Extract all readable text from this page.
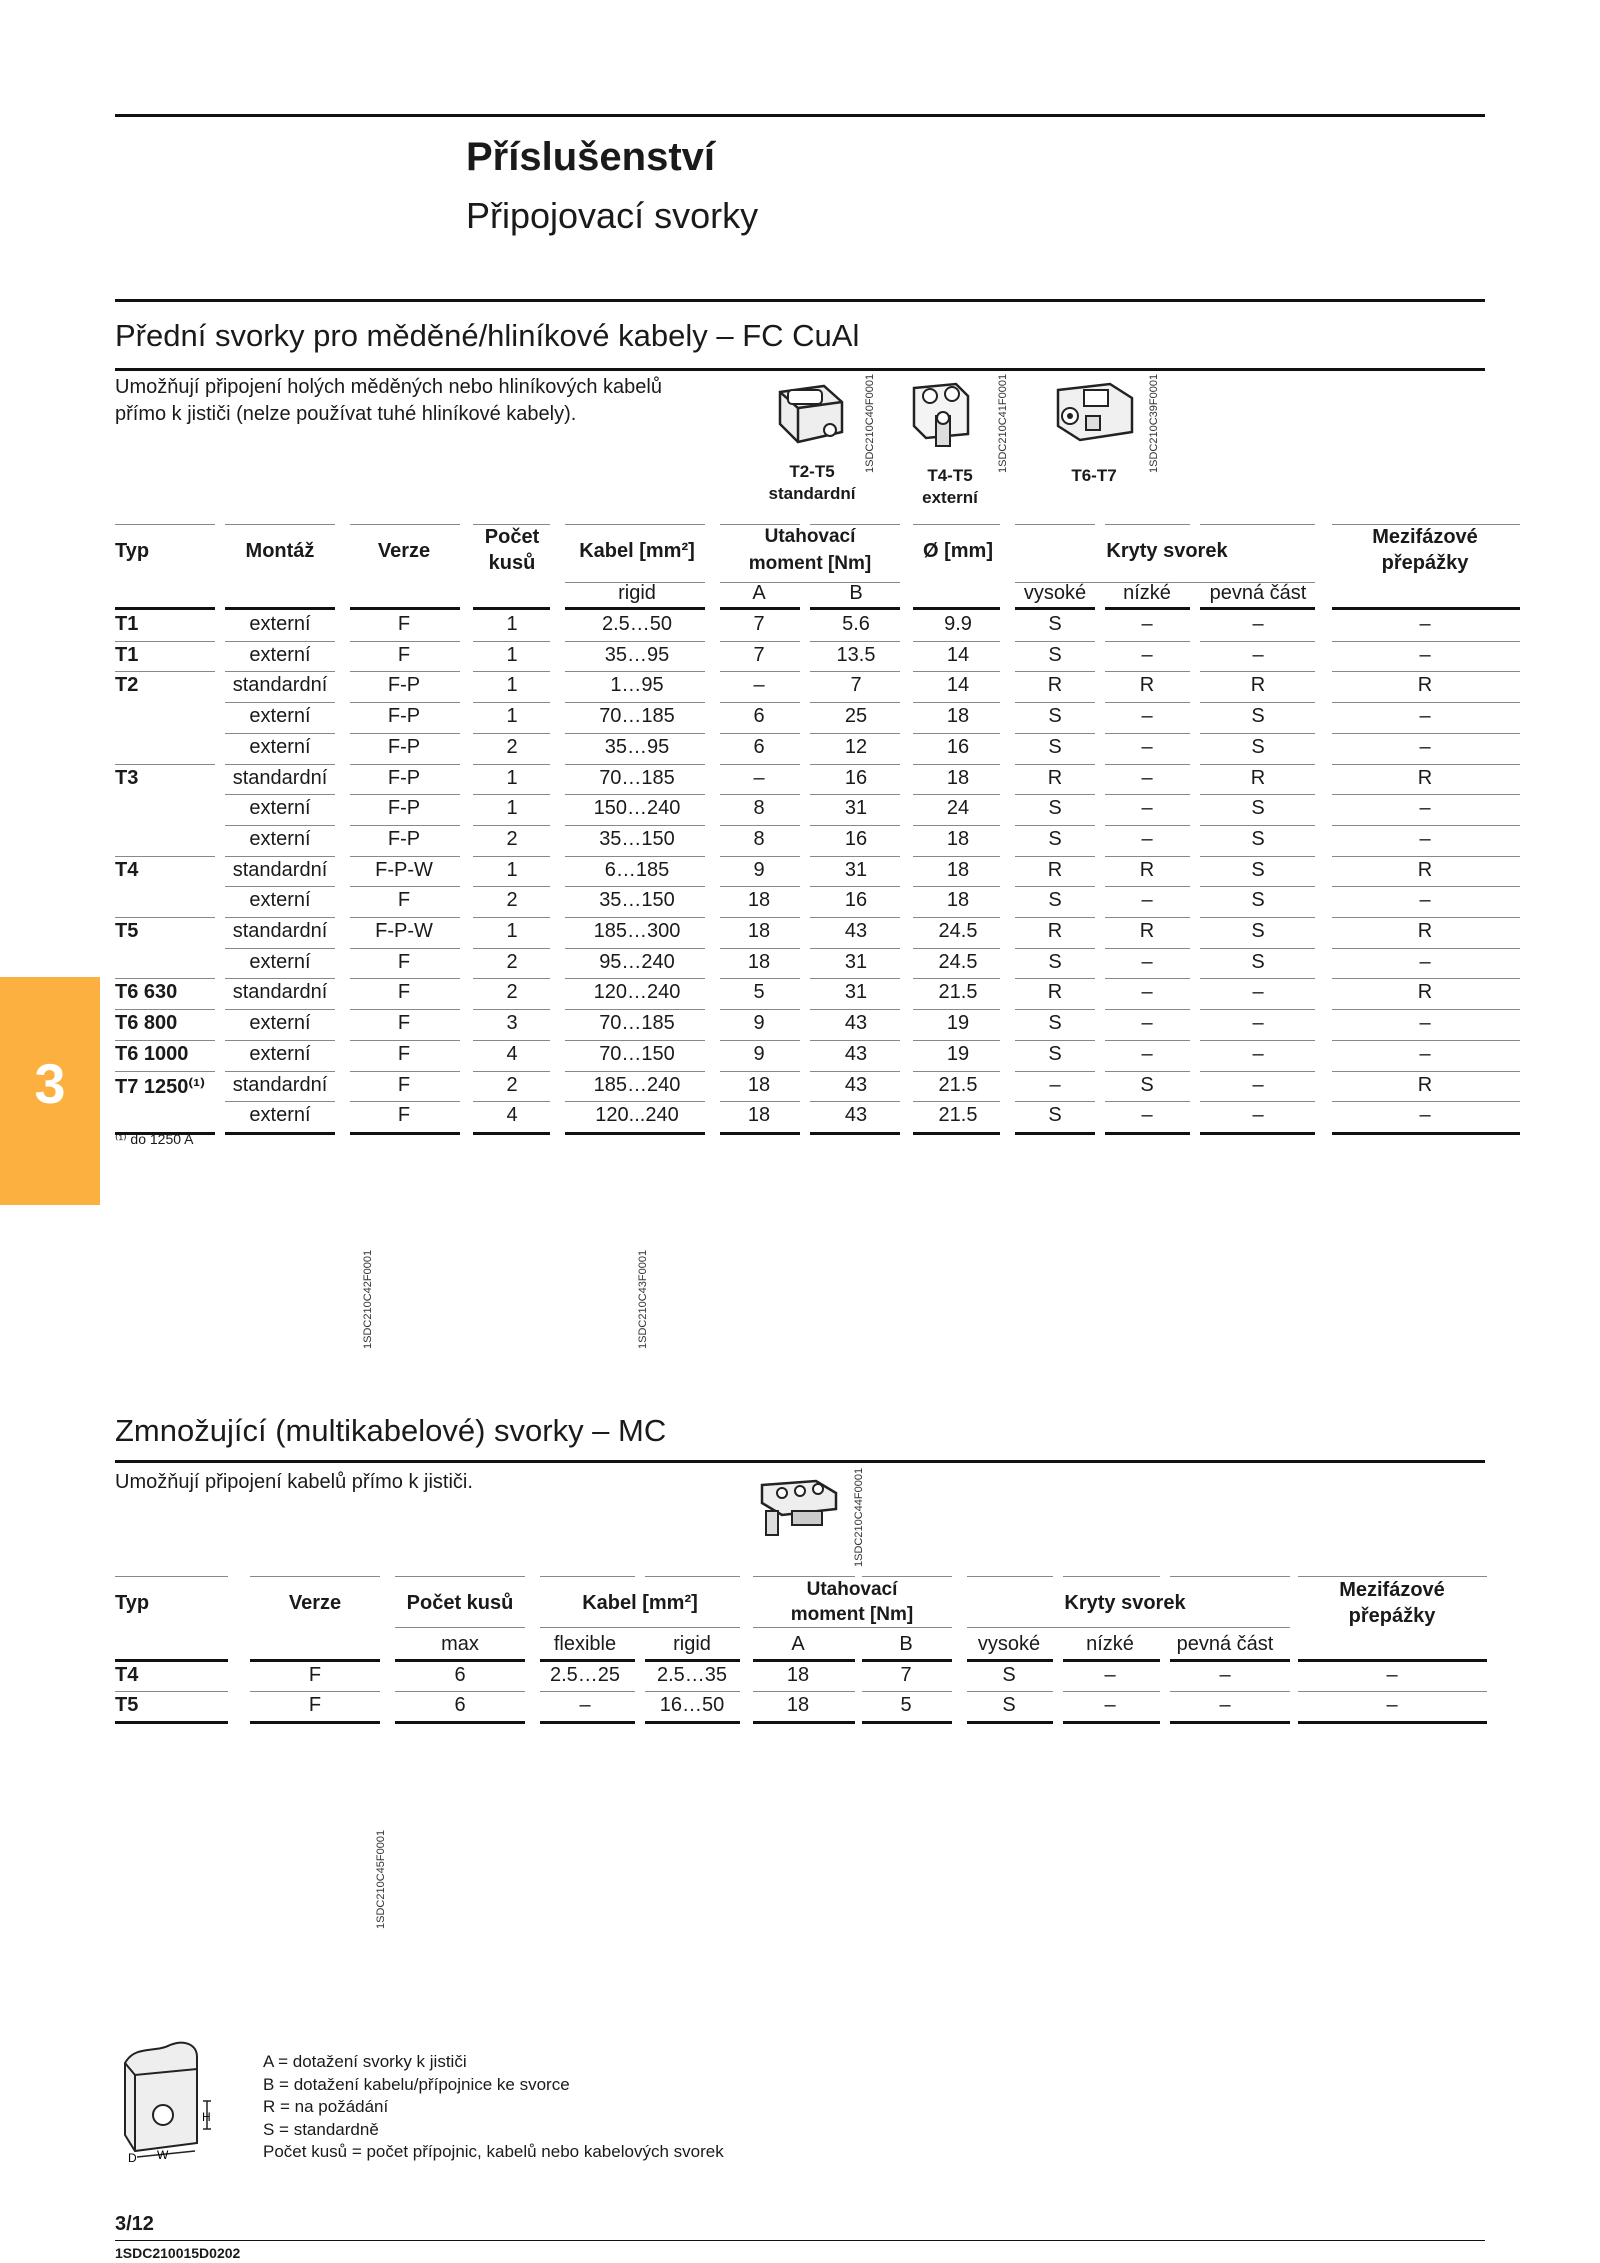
Příslušenství
Připojovací svorky
3
Přední svorky pro měděné/hliníkové kabely – FC CuAl
Umožňují připojení holých měděných nebo hliníkových kabelů
přímo k jističi (nelze používat tuhé hliníkové kabely).	1SDC210C40F0001	1SDC210C41F0001	1SDC210C39F0001
T2-T5
standardní
T4-T5
externí
T6-T7
Typ	Montáž	Verze
Počet
kusů
Kabel [mm²]
Utahovací
moment [Nm]
Ø [mm]	Kryty svorek
Mezifázové
přepážky
rigid	A	B	vysoké nízké pevná část
T1	externí	F	1	2.5…50	7	5.6	9.9	S	–	–	–
T1	externí	F	1	35…95	7	13.5	14	S	–	–	–
T2	standardní	F-P	1	1…95	–	7	14	R	R	R	R
externí	F-P	1	70…185	6	25	18	S	–	S	–
externí	F-P	2	35…95	6	12	16	S	–	S	–
T3	standardní	F-P	1	70…185	–	16	18	R	–	R	R
externí	F-P	1	150…240	8	31	24	S	–	S	–
externí	F-P	2	35…150	8	16	18	S	–	S	–
T4	standardní F-P-W	1	6…185	9	31	18	R	R	S	R
externí	F	2	35…150	18	16	18	S	–	S	–
T5	standardní F-P-W	1	185…300	18	43	24.5	R	R	S	R
externí	F	2	95…240	18	31	24.5	S	–	S	–
T6 630	standardní	F	2	120…240	5	31	21.5	R	–	–	R
T6 800	externí	F	3	70…185	9	43	19	S	–	–	–
T6 1000	externí	F	4	70…150	9	43	19	S	–	–	–
T7 1250⁽¹⁾ standardní	F	2	185…240	18	43	21.5	–	S	–	R
externí	F	4	120...240	18	43	21.5	S	–	–	–
⁽¹⁾ do 1250 A
1SDC210C42F0001	1SDC210C43F0001
Zmnožující (multikabelové) svorky – MC
Umožňují připojení kabelů přímo k jističi.	1SDC210C44F0001
Typ	Verze	Počet kusů	Kabel [mm²]
Utahovací
moment [Nm]
Kryty svorek
Mezifázové
přepážky
max	flexible	rigid	A	B	vysoké nízké pevná část
T4	F	6	2.5…25 2.5…35	18	7	S	–	–	–
T5	F	6	–	16…50	18	5	S	–	–	–
1SDC210C45F0001
H
W
D
A = dotažení svorky k jističi
B = dotažení kabelu/přípojnice ke svorce
R = na požádání
S = standardně
Počet kusů = počet přípojnic, kabelů nebo kabelových svorek
3/12
1SDC210015D0202
